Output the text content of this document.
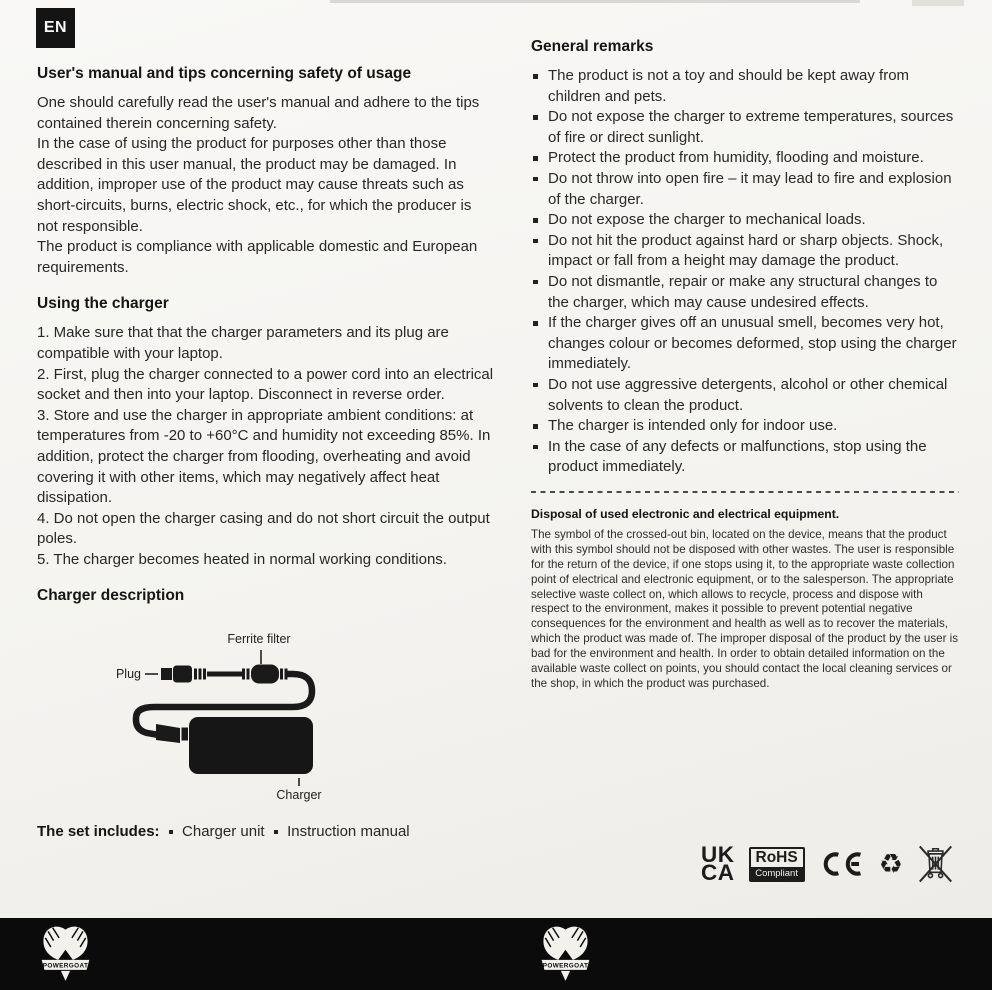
EN
User's manual and tips concerning safety of usage

One should carefully read the user's manual and adhere to the tips contained therein concerning safety.

In the case of using the product for purposes other than those described in this user manual, the product may be damaged. In addition, improper use of the product may cause threats such as short-circuits, burns, electric shock, etc., for which the producer is not responsible.

The product is compliance with applicable domestic and European requirements.

Using the charger

1. Make sure that that the charger parameters and its plug are compatible with your laptop.

2. First, plug the charger connected to a power cord into an electrical socket and then into your laptop. Disconnect in reverse order.

3. Store and use the charger in appropriate ambient conditions: at temperatures from -20 to +60°C and humidity not exceeding 85%. In addition, protect the charger from flooding, overheating and avoid covering it with other items, which may negatively affect heat dissipation.

4. Do not open the charger casing and do not short circuit the output poles.

5. The charger becomes heated in normal working conditions.

Charger description
Ferrite filter
Plug
Charger
The set includes: Charger unit Instruction manual
General remarks
The product is not a toy and should be kept away from children and pets.
Do not expose the charger to extreme temperatures, sources of fire or direct sunlight.
Protect the product from humidity, flooding and moisture.
Do not throw into open fire – it may lead to fire and explosion of the charger.
Do not expose the charger to mechanical loads.
Do not hit the product against hard or sharp objects. Shock, impact or fall from a height may damage the product.
Do not dismantle, repair or make any structural changes to the charger, which may cause undesired effects.
If the charger gives off an unusual smell, becomes very hot, changes colour or becomes deformed, stop using the charger immediately.
Do not use aggressive detergents, alcohol or other chemical solvents to clean the product.
The charger is intended only for indoor use.
In the case of any defects or malfunctions, stop using the product immediately.
Disposal of used electronic and electrical equipment.

The symbol of the crossed-out bin, located on the device, means that the product with this symbol should not be disposed with other wastes. The user is responsible for the return of the device, if one stops using it, to the appropriate waste collection point of electrical and electronic equipment, or to the salesperson. The appropriate selective waste collect on, which allows to recycle, process and dispose with respect to the environment, makes it possible to prevent potential negative consequences for the environment and health as well as to recover the materials, which the product was made of. The improper disposal of the product by the user is bad for the environment and health. In order to obtain detailed information on the available waste collect on points, you should contact the local cleaning services or the shop, in which the product was purchased.

UK
CA
RoHS
Compliant	♻
POWERGOAT	POWERGOAT
